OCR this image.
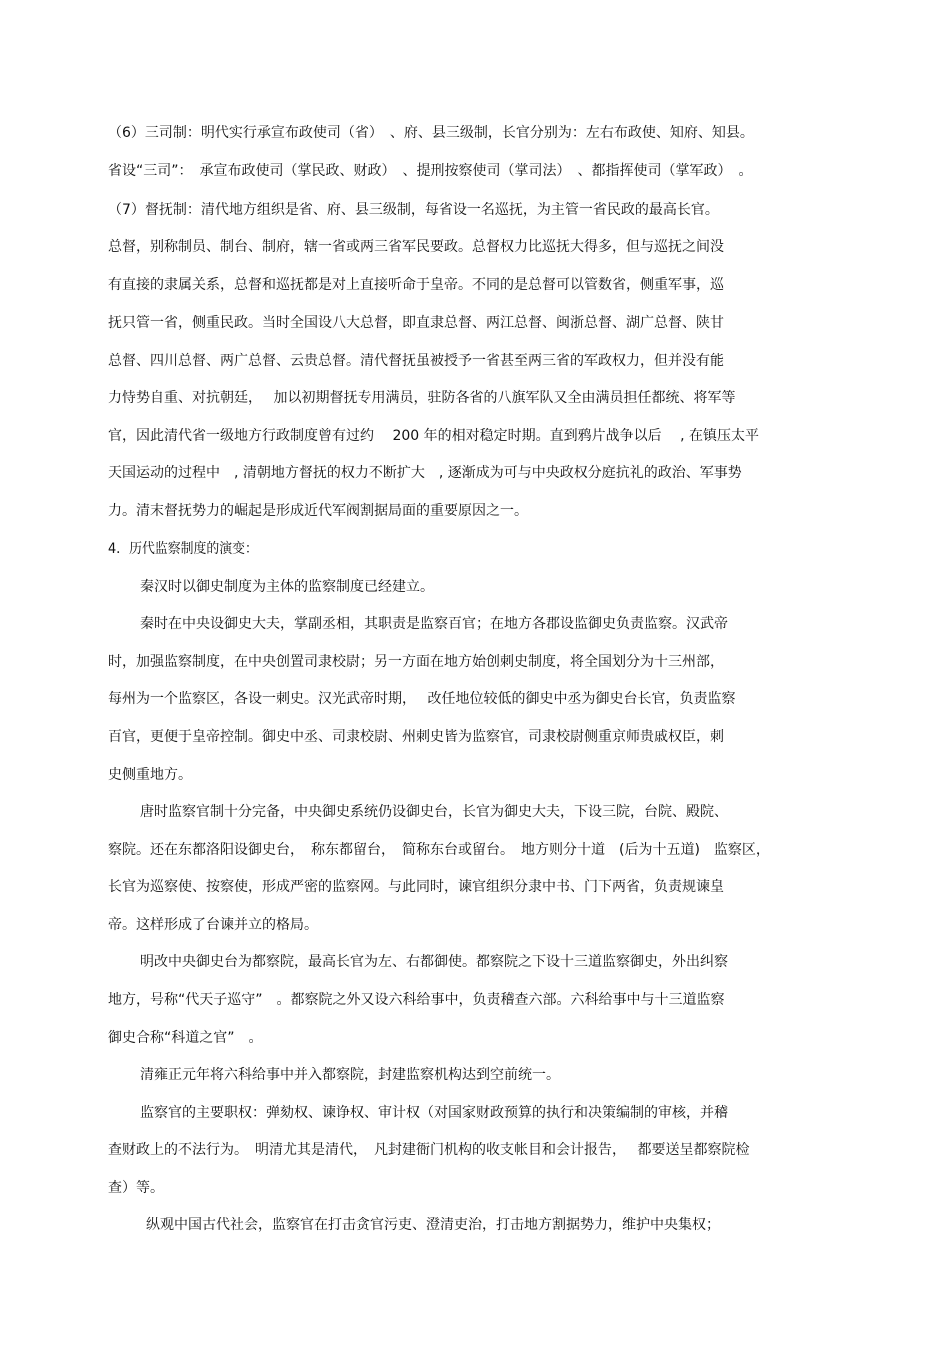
（6）三司制：明代实行承宣布政使司（省）　、府、县三级制，长官分别为：左右布政使、知府、知县。
省设“三司”：　承宣布政使司（掌民政、财政）　、提刑按察使司（掌司法）　、都指挥使司（掌军政）　。
（7）督抚制：清代地方组织是省、府、县三级制，每省设一名巡抚，为主管一省民政的最高长官。
总督，别称制员、制台、制府，辖一省或两三省军民要政。总督权力比巡抚大得多，但与巡抚之间没
有直接的隶属关系，总督和巡抚都是对上直接听命于皇帝。不同的是总督可以管数省，侧重军事，巡
抚只管一省，侧重民政。当时全国设八大总督，即直隶总督、两江总督、闽浙总督、湖广总督、陕甘
总督、四川总督、两广总督、云贵总督。清代督抚虽被授予一省甚至两三省的军政权力，但并没有能
力恃势自重、对抗朝廷，　 加以初期督抚专用满员，驻防各省的八旗军队又全由满员担任都统、将军等
官，因此清代省一级地方行政制度曾有过约　 200 年的相对稳定时期。直到鸦片战争以后　 , 在镇压太平
天国运动的过程中　, 清朝地方督抚的权力不断扩大　, 逐渐成为可与中央政权分庭抗礼的政治、军事势
力。清末督抚势力的崛起是形成近代军阀割据局面的重要原因之一。
4．历代监察制度的演变：
秦汉时以御史制度为主体的监察制度已经建立。
秦时在中央设御史大夫，掌副丞相，其职责是监察百官；在地方各郡设监御史负责监察。汉武帝
时，加强监察制度，在中央创置司隶校尉；另一方面在地方始创刺史制度，将全国划分为十三州部，
每州为一个监察区，各设一刺史。汉光武帝时期，　 改任地位较低的御史中丞为御史台长官，负责监察
百官，更便于皇帝控制。御史中丞、司隶校尉、州刺史皆为监察官，司隶校尉侧重京师贵戚权臣，刺
史侧重地方。
唐时监察官制十分完备，中央御史系统仍设御史台，长官为御史大夫，下设三院，台院、殿院、
察院。还在东都洛阳设御史台，　称东都留台，　简称东台或留台。　地方则分十道　(后为十五道)　监察区，
长官为巡察使、按察使，形成严密的监察网。与此同时，谏官组织分隶中书、门下两省，负责规谏皇
帝。这样形成了台谏并立的格局。
明改中央御史台为都察院，最高长官为左、右都御使。都察院之下设十三道监察御史，外出纠察
地方，号称“代天子巡守”　。都察院之外又设六科给事中，负责稽查六部。六科给事中与十三道监察
御史合称“科道之官”　。
清雍正元年将六科给事中并入都察院，封建监察机构达到空前统一。
监察官的主要职权：弹劾权、谏诤权、审计权（对国家财政预算的执行和决策编制的审核，并稽
查财政上的不法行为。　明清尤其是清代，　凡封建衙门机构的收支帐目和会计报告，　 都要送呈都察院检
查）等。
纵观中国古代社会，监察官在打击贪官污吏、澄清吏治，打击地方割据势力，维护中央集权；
